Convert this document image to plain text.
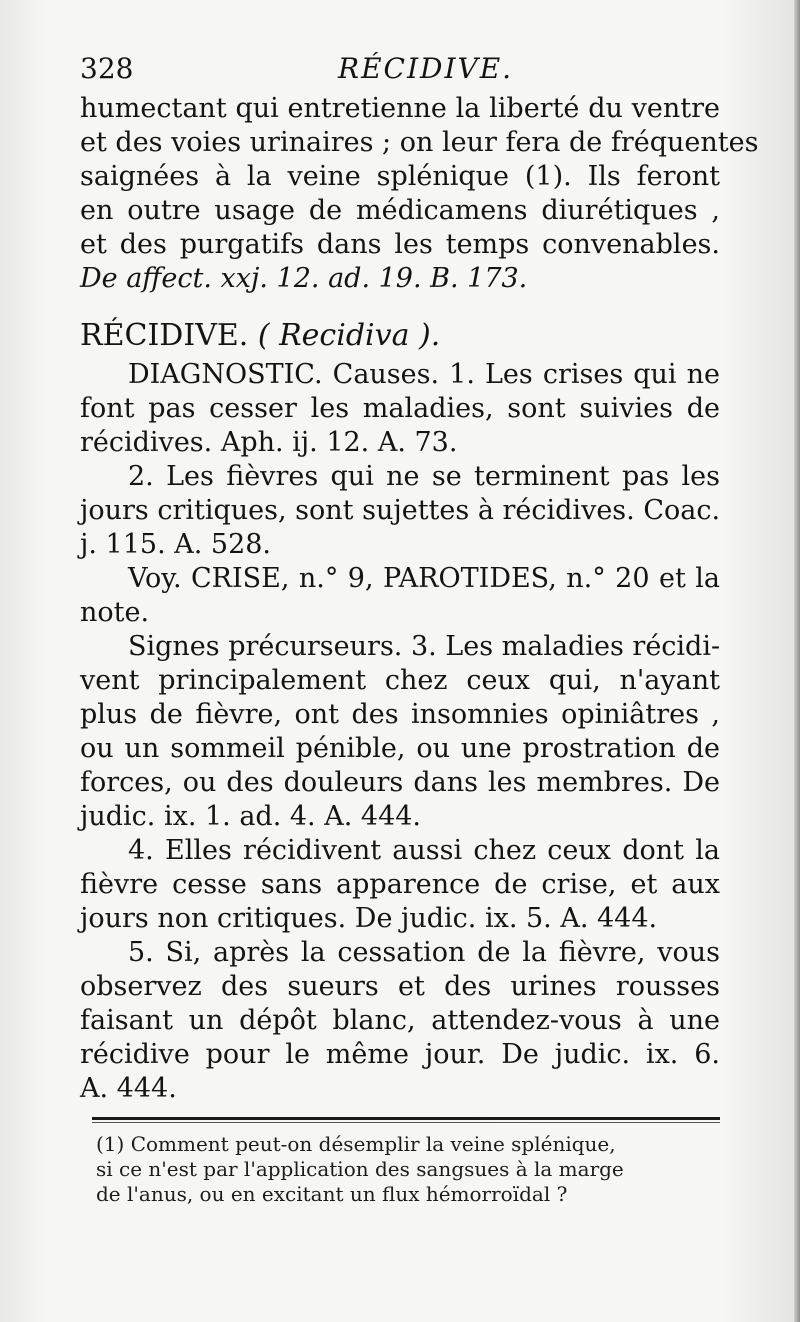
328	RÉCIDIVE.
humectant qui entretienne la liberté du ventre
et des voies urinaires ; on leur fera de fréquentes
saignées à la veine splénique (1). Ils feront
en outre usage de médicamens diurétiques ,
et des purgatifs dans les temps convenables.
De affect. xxj. 12. ad. 19. B. 173.
RÉCIDIVE. ( Recidiva ).
DIAGNOSTIC. Causes. 1. Les crises qui ne
font pas cesser les maladies, sont suivies de
récidives. Aph. ij. 12. A. 73.
2. Les fièvres qui ne se terminent pas les
jours critiques, sont sujettes à récidives. Coac.
j. 115. A. 528.
Voy. CRISE, n.° 9, PAROTIDES, n.° 20 et la
note.
Signes précurseurs. 3. Les maladies récidi-
vent principalement chez ceux qui, n'ayant
plus de fièvre, ont des insomnies opiniâtres ,
ou un sommeil pénible, ou une prostration de
forces, ou des douleurs dans les membres. De
judic. ix. 1. ad. 4. A. 444.
4. Elles récidivent aussi chez ceux dont la
fièvre cesse sans apparence de crise, et aux
jours non critiques. De judic. ix. 5. A. 444.
5. Si, après la cessation de la fièvre, vous
observez des sueurs et des urines rousses
faisant un dépôt blanc, attendez-vous à une
récidive pour le même jour. De judic. ix. 6.
A. 444.
(1) Comment peut-on désemplir la veine splénique,
si ce n'est par l'application des sangsues à la marge
de l'anus, ou en excitant un flux hémorroïdal ?
